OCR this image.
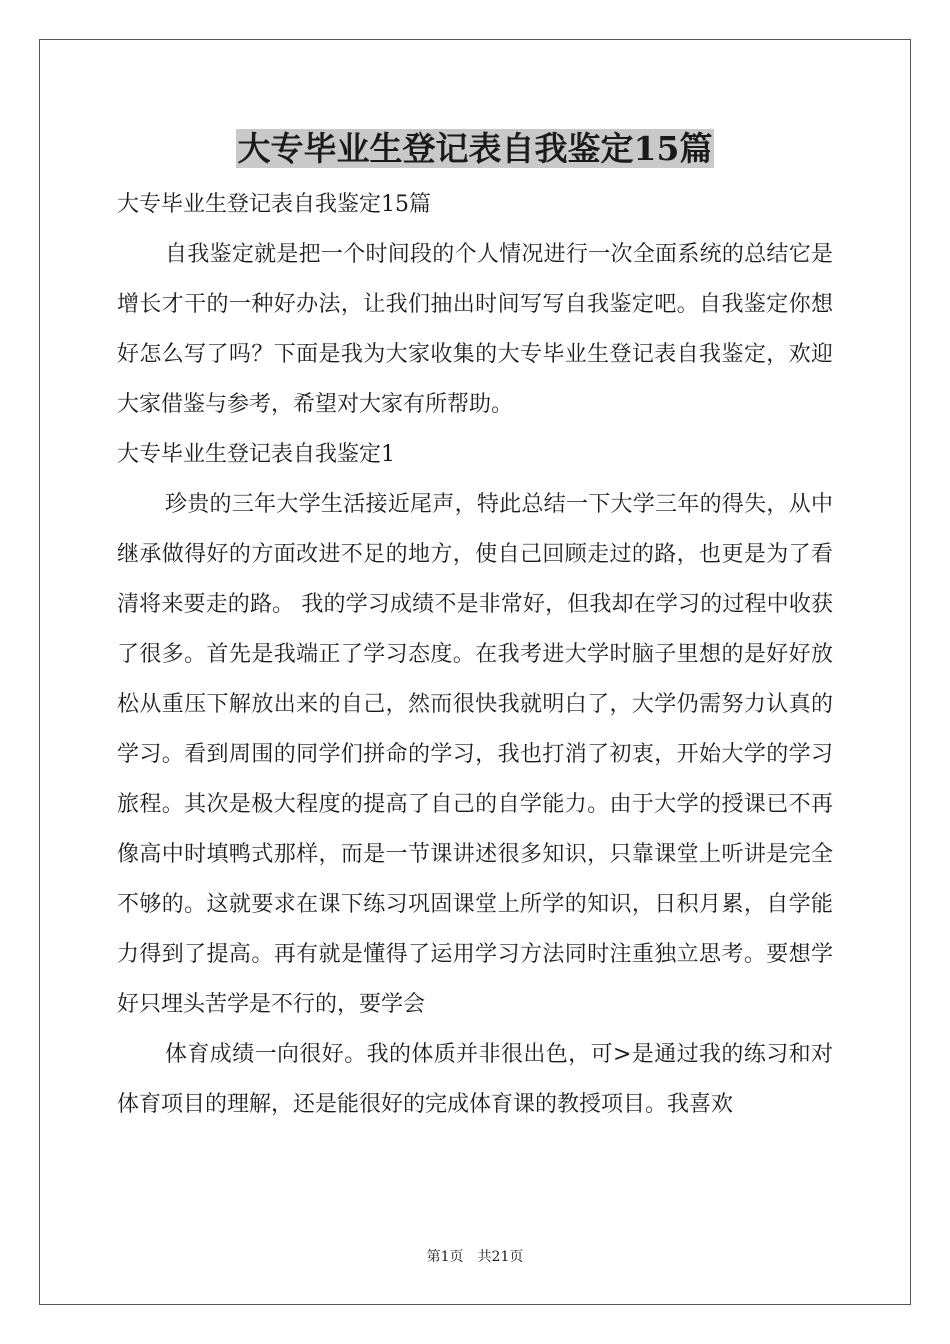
大专毕业生登记表自我鉴定15篇

大专毕业生登记表自我鉴定15篇

自我鉴定就是把一个时间段的个人情况进行一次全面系统的总结它是增长才干的一种好办法，让我们抽出时间写写自我鉴定吧。自我鉴定你想好怎么写了吗？下面是我为大家收集的大专毕业生登记表自我鉴定，欢迎大家借鉴与参考，希望对大家有所帮助。

大专毕业生登记表自我鉴定1

珍贵的三年大学生活接近尾声，特此总结一下大学三年的得失，从中继承做得好的方面改进不足的地方，使自己回顾走过的路，也更是为了看清将来要走的路。 我的学习成绩不是非常好，但我却在学习的过程中收获了很多。首先是我端正了学习态度。在我考进大学时脑子里想的是好好放松从重压下解放出来的自己，然而很快我就明白了，大学仍需努力认真的学习。看到周围的同学们拼命的学习，我也打消了初衷，开始大学的学习旅程。其次是极大程度的提高了自己的自学能力。由于大学的授课已不再像高中时填鸭式那样，而是一节课讲述很多知识，只靠课堂上听讲是完全不够的。这就要求在课下练习巩固课堂上所学的知识，日积月累，自学能力得到了提高。再有就是懂得了运用学习方法同时注重独立思考。要想学好只埋头苦学是不行的，要学会

体育成绩一向很好。我的体质并非很出色，可>是通过我的练习和对体育项目的理解，还是能很好的完成体育课的教授项目。我喜欢

第1页 共21页
